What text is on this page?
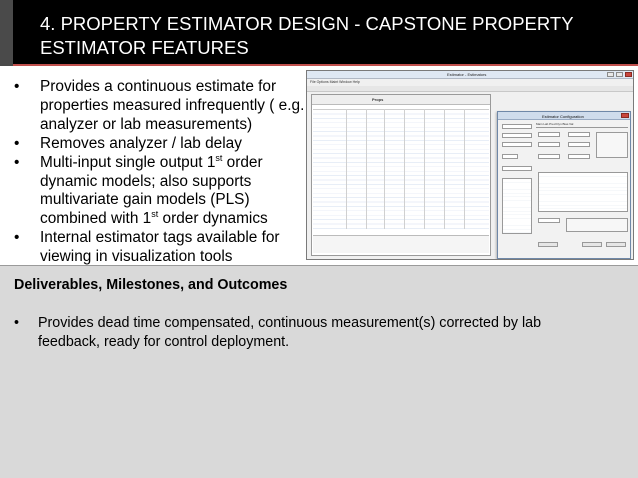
4. PROPERTY ESTIMATOR DESIGN - CAPSTONE PROPERTY ESTIMATOR FEATURES
• Provides a continuous estimate for properties measured infrequently ( e.g. analyzer or lab measurements)
• Removes analyzer / lab delay
• Multi-input single output 1st order dynamic models; also supports multivariate gain models (PLS) combined with 1st order dynamics
• Internal estimator tags available for viewing in visualization tools
Estimator - Estimators
File Options Maint Window Help
Props
Estimator Configuration
Main Lab Pred Dyn Bias Val
Deliverables, Milestones, and Outcomes
•	Provides dead time compensated, continuous measurement(s) corrected by lab feedback, ready for control deployment.
